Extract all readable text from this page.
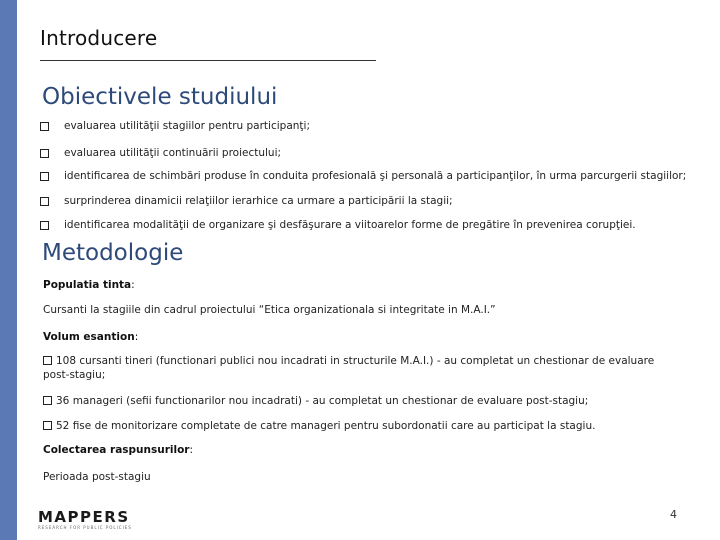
Introducere
Obiectivele studiului
evaluarea utilităţii stagiilor pentru participanţi;
evaluarea utilităţii continuării proiectului;
identificarea de schimbări produse în conduita profesională şi personală a participanţilor, în urma parcurgerii stagiilor;
surprinderea dinamicii relaţiilor ierarhice ca urmare a participării la stagii;
identificarea modalităţii de organizare şi desfăşurare a viitoarelor forme de pregătire în prevenirea corupţiei.
Metodologie
Populatia tinta:
Cursanti la stagiile din cadrul proiectului “Etica organizationala si integritate in M.A.I.”
Volum esantion:
108 cursanti tineri (functionari publici nou incadrati in structurile M.A.I.) - au completat un chestionar de evaluare post-stagiu;
36 manageri (sefii functionarilor nou incadrati) - au completat un chestionar de evaluare post-stagiu;
52 fise de monitorizare completate de catre manageri pentru subordonatii care au participat la stagiu.
Colectarea raspunsurilor:
Perioada post-stagiu
MAPPERS
RESEARCH FOR PUBLIC POLICIES
4
